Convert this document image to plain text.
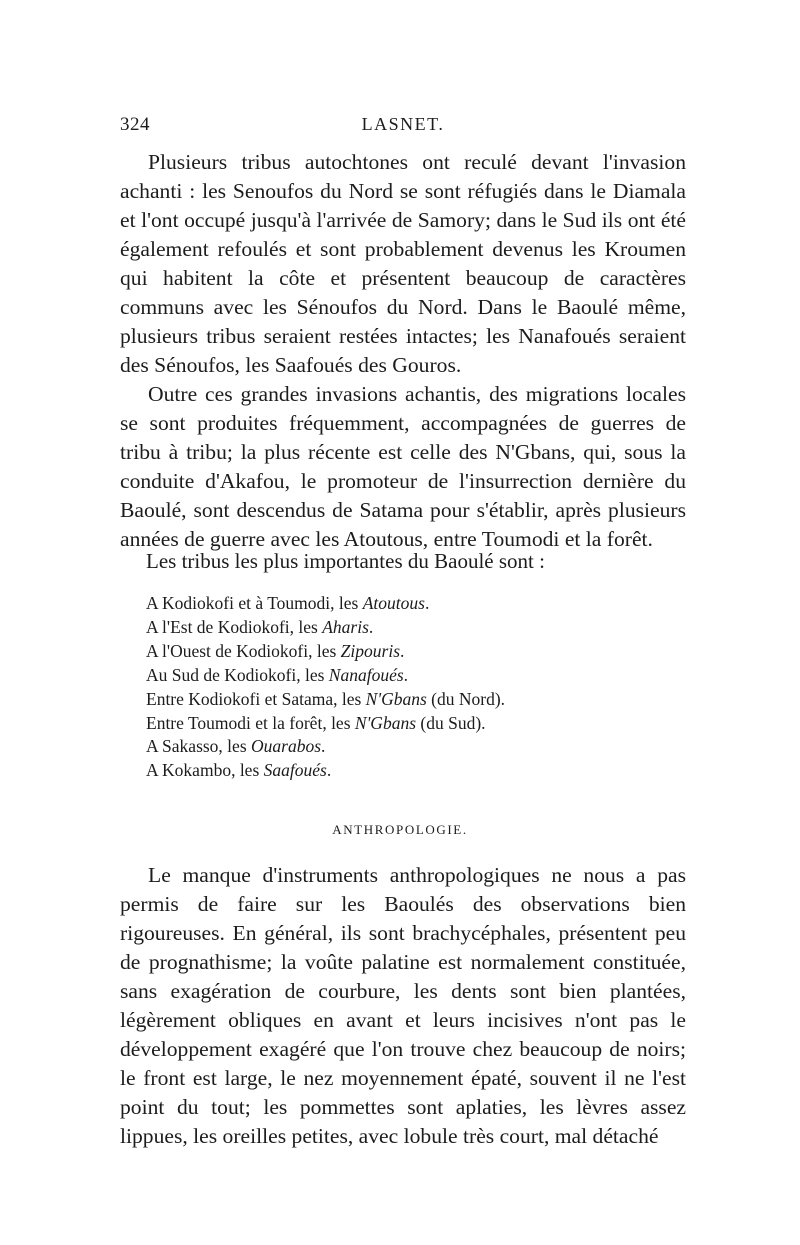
324	LASNET.

Plusieurs tribus autochtones ont reculé devant l'invasion achanti : les Senoufos du Nord se sont réfugiés dans le Diamala et l'ont occupé jusqu'à l'arrivée de Samory; dans le Sud ils ont été également refoulés et sont probablement devenus les Kroumen qui habitent la côte et présentent beaucoup de caractères communs avec les Sénoufos du Nord. Dans le Baoulé même, plusieurs tribus seraient restées intactes; les Nanafoués seraient des Sénoufos, les Saafoués des Gouros.

Outre ces grandes invasions achantis, des migrations locales se sont produites fréquemment, accompagnées de guerres de tribu à tribu; la plus récente est celle des N'Gbans, qui, sous la conduite d'Akafou, le promoteur de l'insurrection dernière du Baoulé, sont descendus de Satama pour s'établir, après plusieurs années de guerre avec les Atoutous, entre Toumodi et la forêt.

Les tribus les plus importantes du Baoulé sont :
A Kodiokofi et à Toumodi, les Atoutous.
A l'Est de Kodiokofi, les Aharis.
A l'Ouest de Kodiokofi, les Zipouris.
Au Sud de Kodiokofi, les Nanafoués.
Entre Kodiokofi et Satama, les N'Gbans (du Nord).
Entre Toumodi et la forêt, les N'Gbans (du Sud).
A Sakasso, les Ouarabos.
A Kokambo, les Saafoués.
ANTHROPOLOGIE.

Le manque d'instruments anthropologiques ne nous a pas permis de faire sur les Baoulés des observations bien rigoureuses. En général, ils sont brachycéphales, présentent peu de prognathisme; la voûte palatine est normalement constituée, sans exagération de courbure, les dents sont bien plantées, légèrement obliques en avant et leurs incisives n'ont pas le développement exagéré que l'on trouve chez beaucoup de noirs; le front est large, le nez moyennement épaté, souvent il ne l'est point du tout; les pommettes sont aplaties, les lèvres assez lippues, les oreilles petites, avec lobule très court, mal détaché
